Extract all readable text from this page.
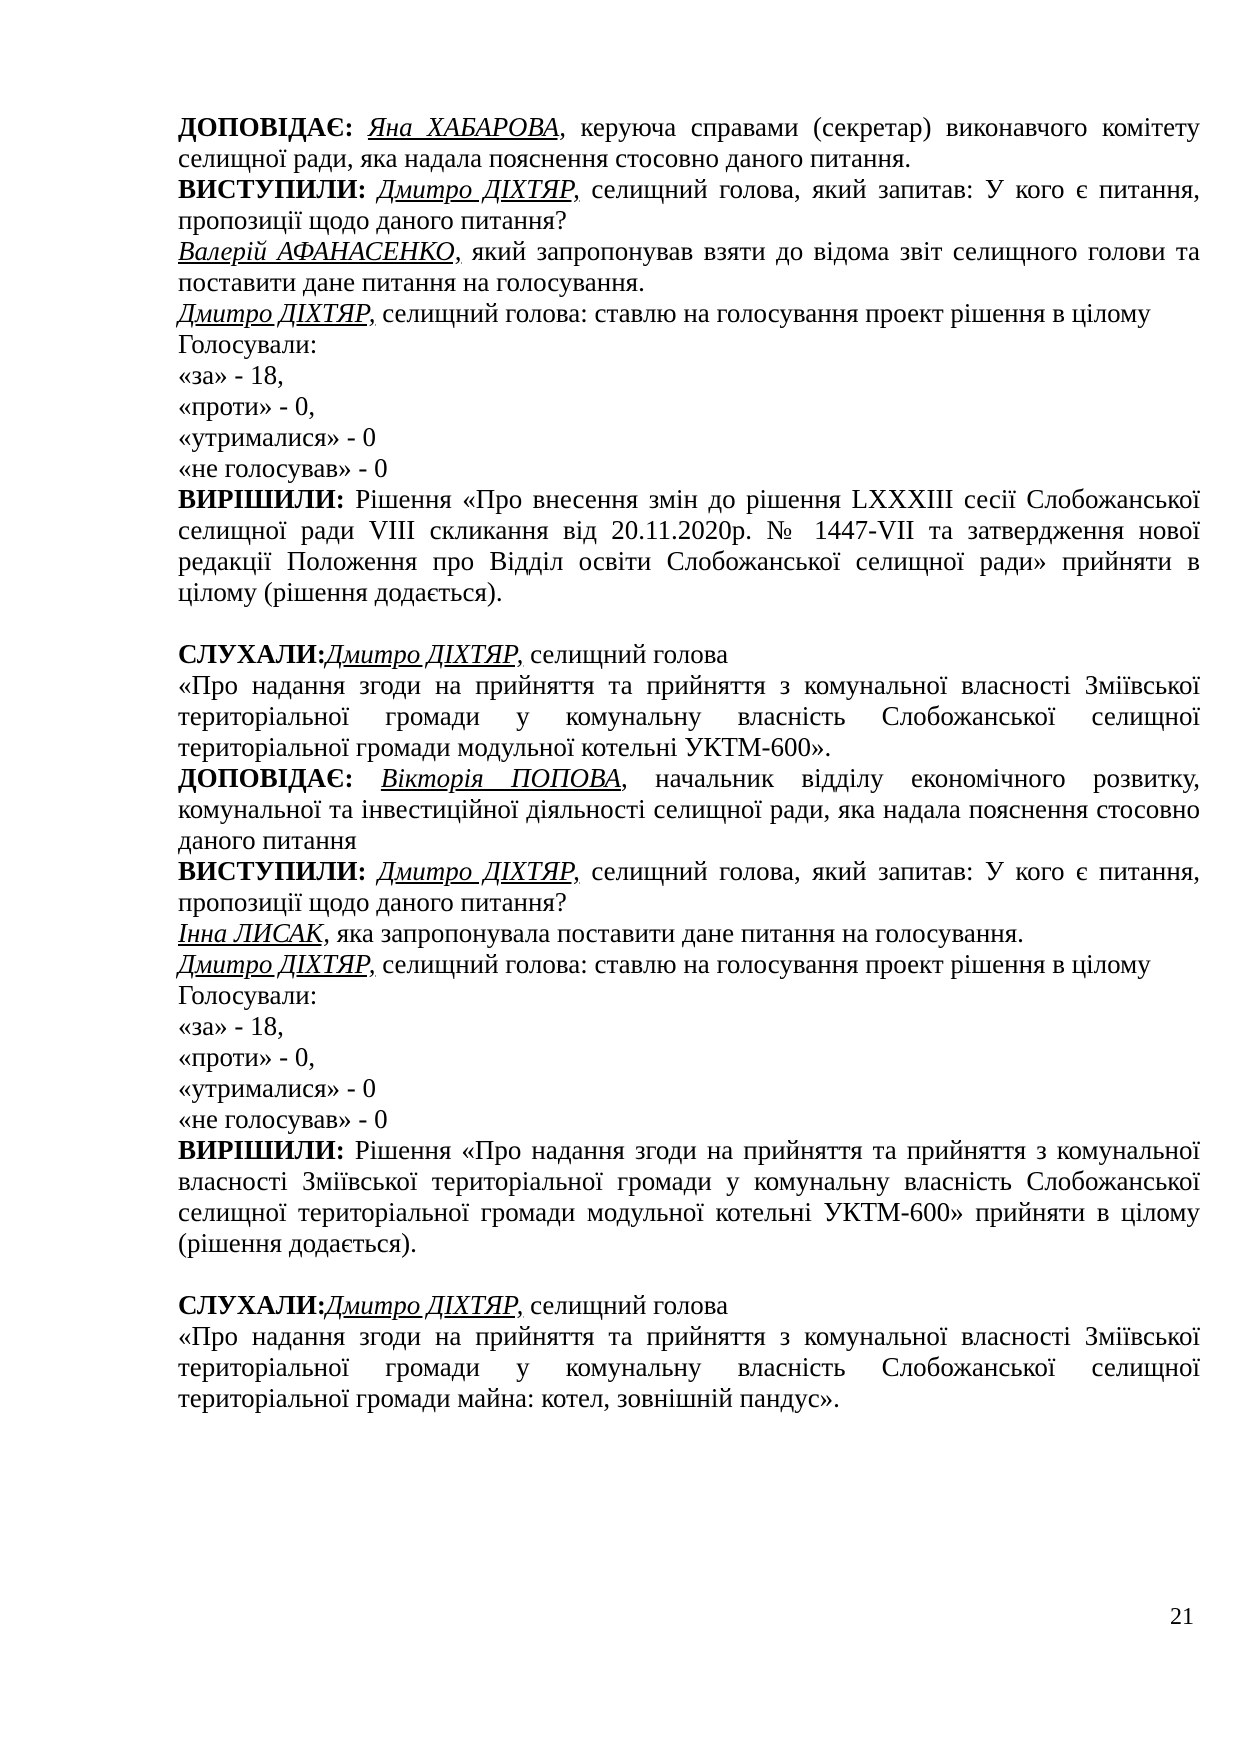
ДОПОВІДАЄ: Яна ХАБАРОВА, керуюча справами (секретар) виконавчого комітету селищної ради, яка надала пояснення стосовно даного питання.

ВИСТУПИЛИ: Дмитро ДІХТЯР, селищний голова, який запитав: У кого є питання, пропозиції щодо даного питання?

Валерій АФАНАСЕНКО, який запропонував взяти до відома звіт селищного голови та поставити дане питання на голосування.

Дмитро ДІХТЯР, селищний голова: ставлю на голосування проект рішення в цілому

Голосували:

«за» - 18,

«проти» - 0,

«утрималися» - 0

«не голосував» - 0

ВИРІШИЛИ: Рішення «Про внесення змін до рішення LXXXIII сесії Слобожанської селищної ради VIII скликання від 20.11.2020р. № 1447-VII та затвердження нової редакції Положення про Відділ освіти Слобожанської селищної ради» прийняти в цілому (рішення додається).

СЛУХАЛИ:Дмитро ДІХТЯР, селищний голова

«Про надання згоди на прийняття та прийняття з комунальної власності Зміївської територіальної громади у комунальну власність Слобожанської селищної територіальної громади модульної котельні УКТМ-600».

ДОПОВІДАЄ: Вікторія ПОПОВА, начальник відділу економічного розвитку, комунальної та інвестиційної діяльності селищної ради, яка надала пояснення стосовно даного питання

ВИСТУПИЛИ: Дмитро ДІХТЯР, селищний голова, який запитав: У кого є питання, пропозиції щодо даного питання?

Інна ЛИСАК, яка запропонувала поставити дане питання на голосування.

Дмитро ДІХТЯР, селищний голова: ставлю на голосування проект рішення в цілому

Голосували:

«за» - 18,

«проти» - 0,

«утрималися» - 0

«не голосував» - 0

ВИРІШИЛИ: Рішення «Про надання згоди на прийняття та прийняття з комунальної власності Зміївської територіальної громади у комунальну власність Слобожанської селищної територіальної громади модульної котельні УКТМ-600» прийняти в цілому (рішення додається).

СЛУХАЛИ:Дмитро ДІХТЯР, селищний голова

«Про надання згоди на прийняття та прийняття з комунальної власності Зміївської територіальної громади у комунальну власність Слобожанської селищної територіальної громади майна: котел, зовнішній пандус».

21
